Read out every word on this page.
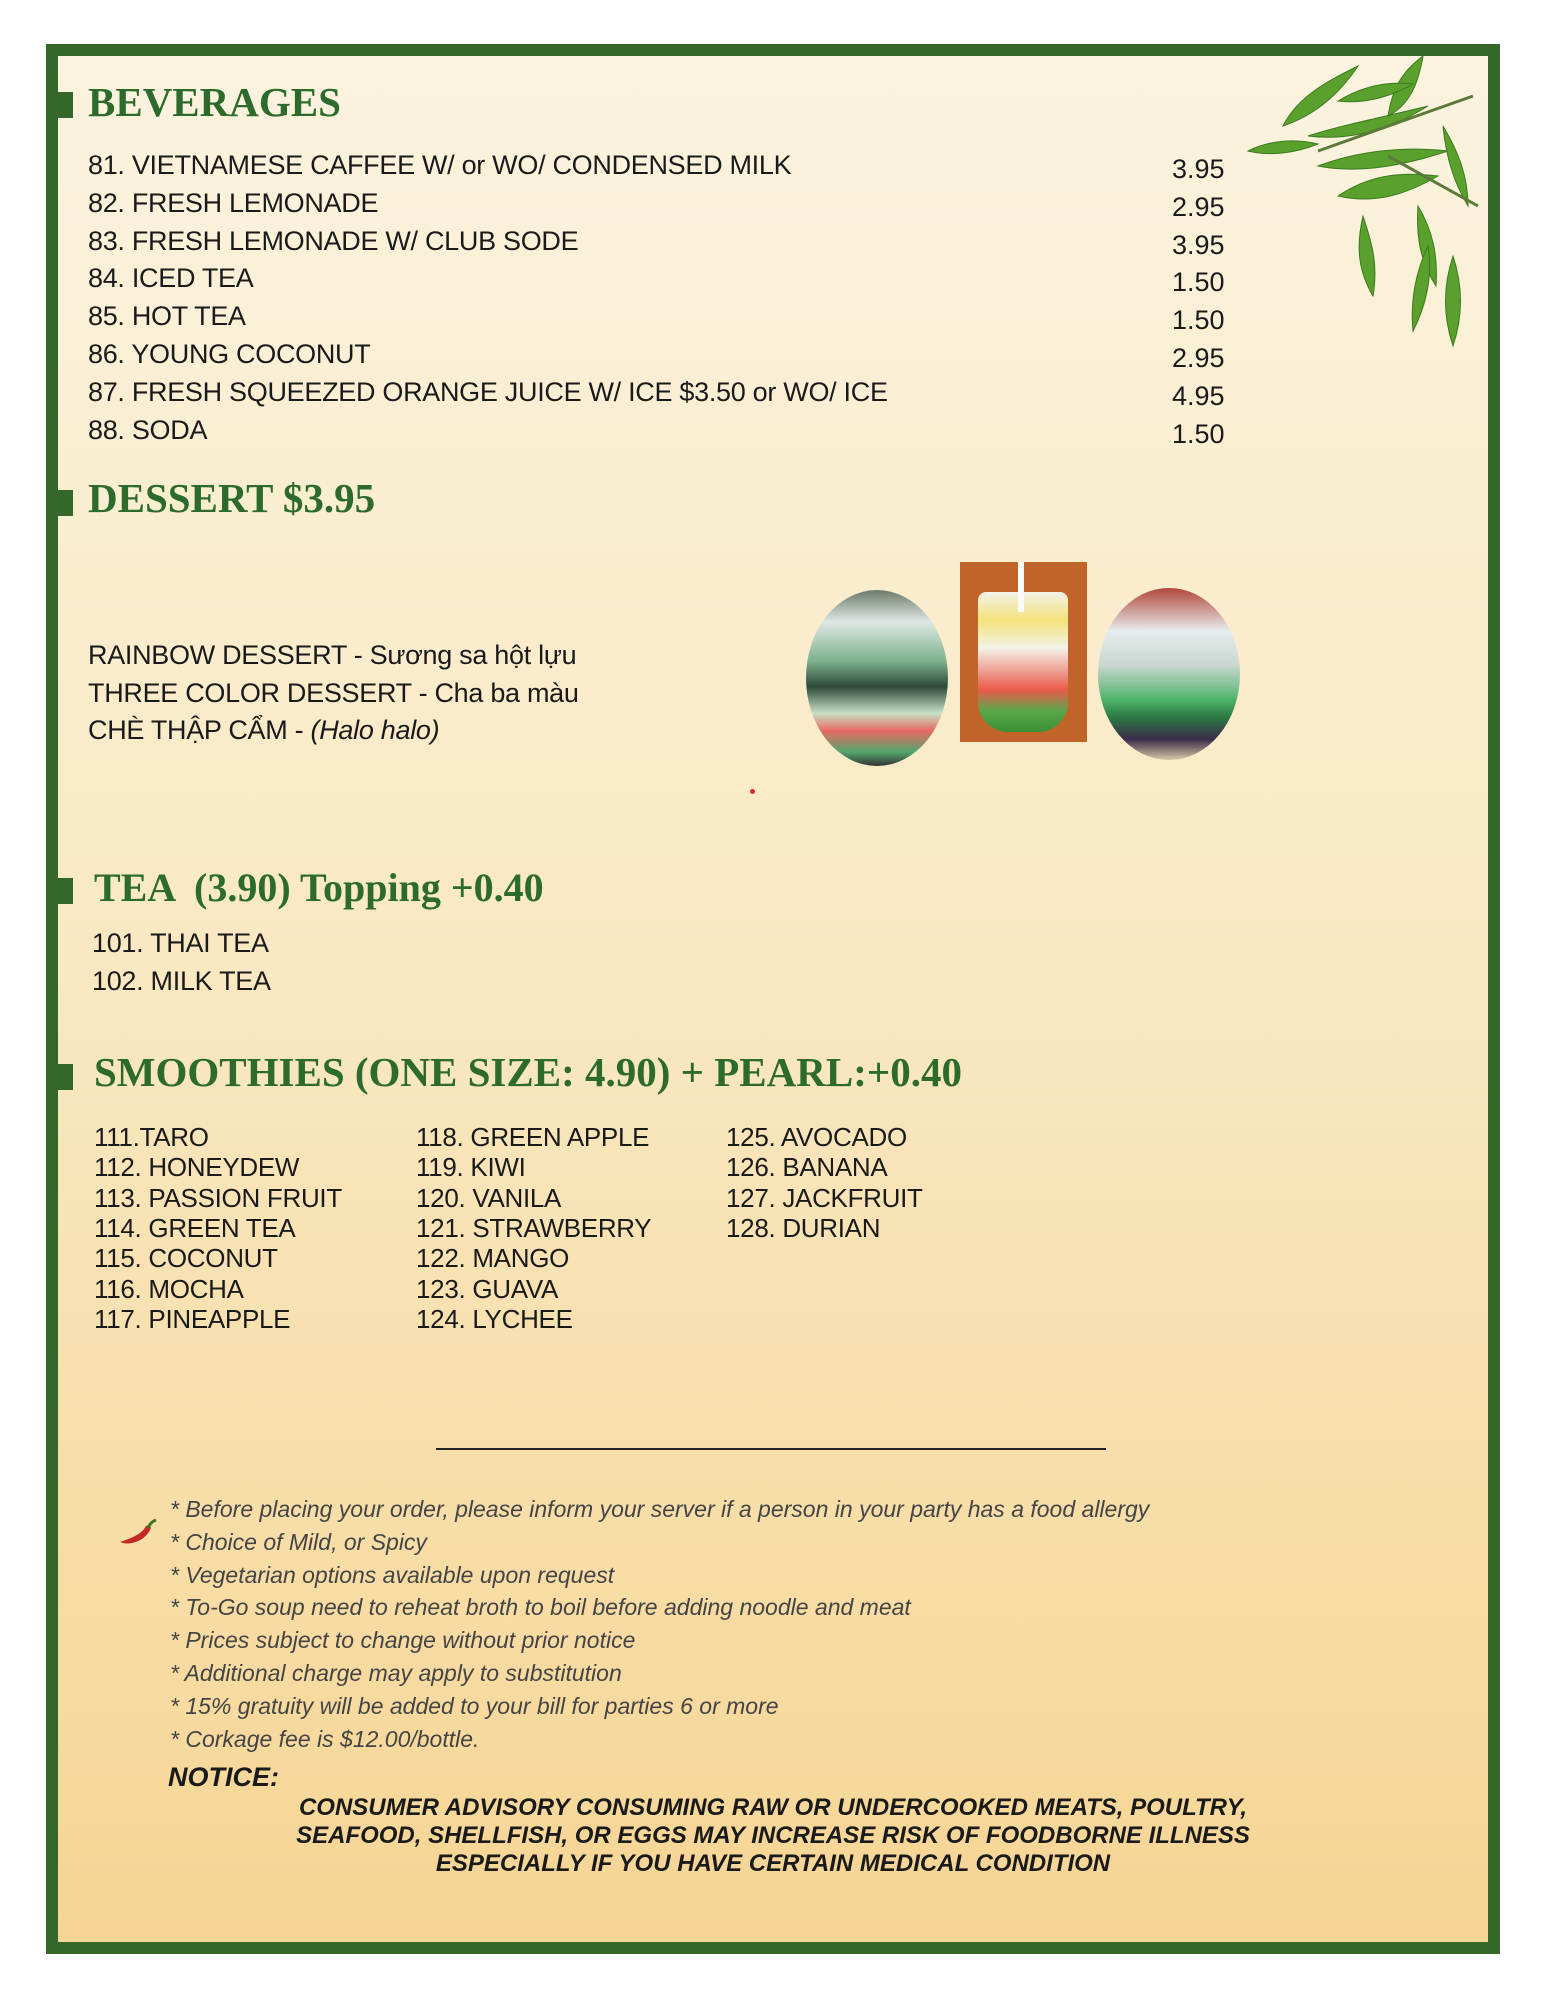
BEVERAGES
81. VIETNAMESE CAFFEE W/ or WO/ CONDENSED MILK	3.95
82. FRESH LEMONADE	2.95
83. FRESH LEMONADE W/ CLUB SODE	3.95
84. ICED TEA	1.50
85. HOT TEA	1.50
86. YOUNG COCONUT	2.95
87. FRESH SQUEEZED ORANGE JUICE W/ ICE $3.50 or WO/ ICE	4.95
88. SODA	1.50
DESSERT $3.95
RAINBOW DESSERT - Sương sa hột lựu
THREE COLOR DESSERT - Cha ba màu
CHÈ THẬP CẨM - (Halo halo)
TEA  (3.90) Topping +0.40
101. THAI TEA
102. MILK TEA
SMOOTHIES (ONE SIZE: 4.90) + PEARL:+0.40
111.TARO
112. HONEYDEW
113. PASSION FRUIT
114. GREEN TEA
115. COCONUT
116. MOCHA
117. PINEAPPLE
118. GREEN APPLE
119. KIWI
120. VANILA
121. STRAWBERRY
122. MANGO
123. GUAVA
124. LYCHEE
125. AVOCADO
126. BANANA
127. JACKFRUIT
128. DURIAN
* Before placing your order, please inform your server if a person in your party has a food allergy
* Choice of Mild, or Spicy
* Vegetarian options available upon request
* To-Go soup need to reheat broth to boil before adding noodle and meat
* Prices subject to change without prior notice
* Additional charge may apply to substitution
* 15% gratuity will be added to your bill for parties 6 or more
* Corkage fee is $12.00/bottle.
NOTICE:
CONSUMER ADVISORY CONSUMING RAW OR UNDERCOOKED MEATS, POULTRY,
SEAFOOD, SHELLFISH, OR EGGS MAY INCREASE RISK OF FOODBORNE ILLNESS
ESPECIALLY IF YOU HAVE CERTAIN MEDICAL CONDITION
